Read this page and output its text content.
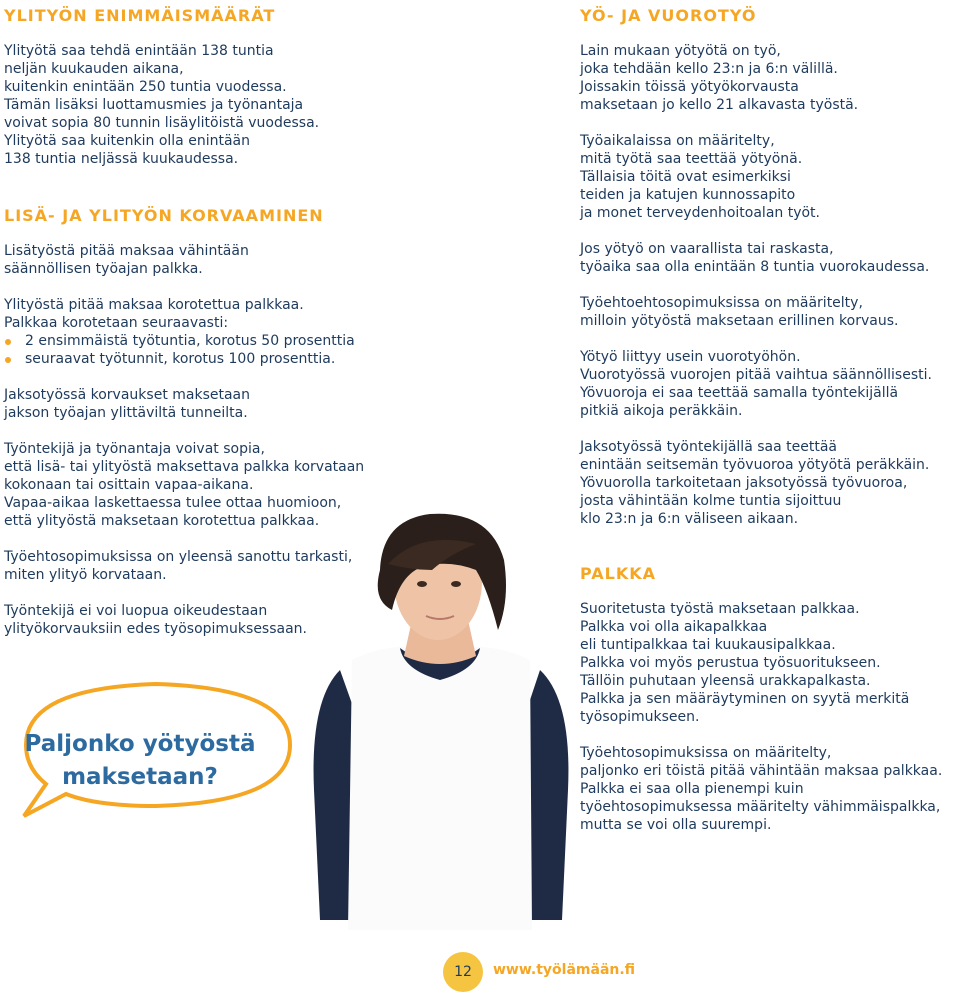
Paljonko yötyöstä
maksetaan?
YLITYÖN ENIMMÄISMÄÄRÄT

Ylityötä saa tehdä enintään 138 tuntia
neljän kuukauden aikana,
kuitenkin enintään 250 tuntia vuodessa.
Tämän lisäksi luottamusmies ja työnantaja
voivat sopia 80 tunnin lisäylitöistä vuodessa.
Ylityötä saa kuitenkin olla enintään
138 tuntia neljässä kuukaudessa.

LISÄ- JA YLITYÖN KORVAAMINEN

Lisätyöstä pitää maksaa vähintään
säännöllisen työajan palkka.

Ylityöstä pitää maksaa korotettua palkkaa.
Palkkaa korotetaan seuraavasti:

2 ensimmäistä työtuntia, korotus 50 prosenttia
seuraavat työtunnit, korotus 100 prosenttia.

Jaksotyössä korvaukset maksetaan
jakson työajan ylittäviltä tunneilta.

Työntekijä ja työnantaja voivat sopia,
että lisä- tai ylityöstä maksettava palkka korvataan
kokonaan tai osittain vapaa-aikana.
Vapaa-aikaa laskettaessa tulee ottaa huomioon,
että ylityöstä maksetaan korotettua palkkaa.

Työehtosopimuksissa on yleensä sanottu tarkasti,
miten ylityö korvataan.

Työntekijä ei voi luopua oikeudestaan
ylityökorvauksiin edes työsopimuksessaan.

YÖ- JA VUOROTYÖ

Lain mukaan yötyötä on työ,
joka tehdään kello 23:n ja 6:n välillä.
Joissakin töissä yötyökorvausta
maksetaan jo kello 21 alkavasta työstä.

Työaikalaissa on määritelty,
mitä työtä saa teettää yötyönä.
Tällaisia töitä ovat esimerkiksi
teiden ja katujen kunnossapito
ja monet terveydenhoitoalan työt.

Jos yötyö on vaarallista tai raskasta,
työaika saa olla enintään 8 tuntia vuorokaudessa.

Työehtoehtosopimuksissa on määritelty,
milloin yötyöstä maksetaan erillinen korvaus.

Yötyö liittyy usein vuorotyöhön.
Vuorotyössä vuorojen pitää vaihtua säännöllisesti.
Yövuoroja ei saa teettää samalla työntekijällä
pitkiä aikoja peräkkäin.

Jaksotyössä työntekijällä saa teettää
enintään seitsemän työvuoroa yötyötä peräkkäin.
Yövuorolla tarkoitetaan jaksotyössä työvuoroa,
josta vähintään kolme tuntia sijoittuu
klo 23:n ja 6:n väliseen aikaan.

PALKKA

Suoritetusta työstä maksetaan palkkaa.
Palkka voi olla aikapalkkaa
eli tuntipalkkaa tai kuukausipalkkaa.
Palkka voi myös perustua työsuoritukseen.
Tällöin puhutaan yleensä urakkapalkasta.
Palkka ja sen määräytyminen on syytä merkitä
työsopimukseen.

Työehtosopimuksissa on määritelty,
paljonko eri töistä pitää vähintään maksaa palkkaa.
Palkka ei saa olla pienempi kuin
työehtosopimuksessa määritelty vähimmäispalkka,
mutta se voi olla suurempi.

12	www.työlämään.fi
